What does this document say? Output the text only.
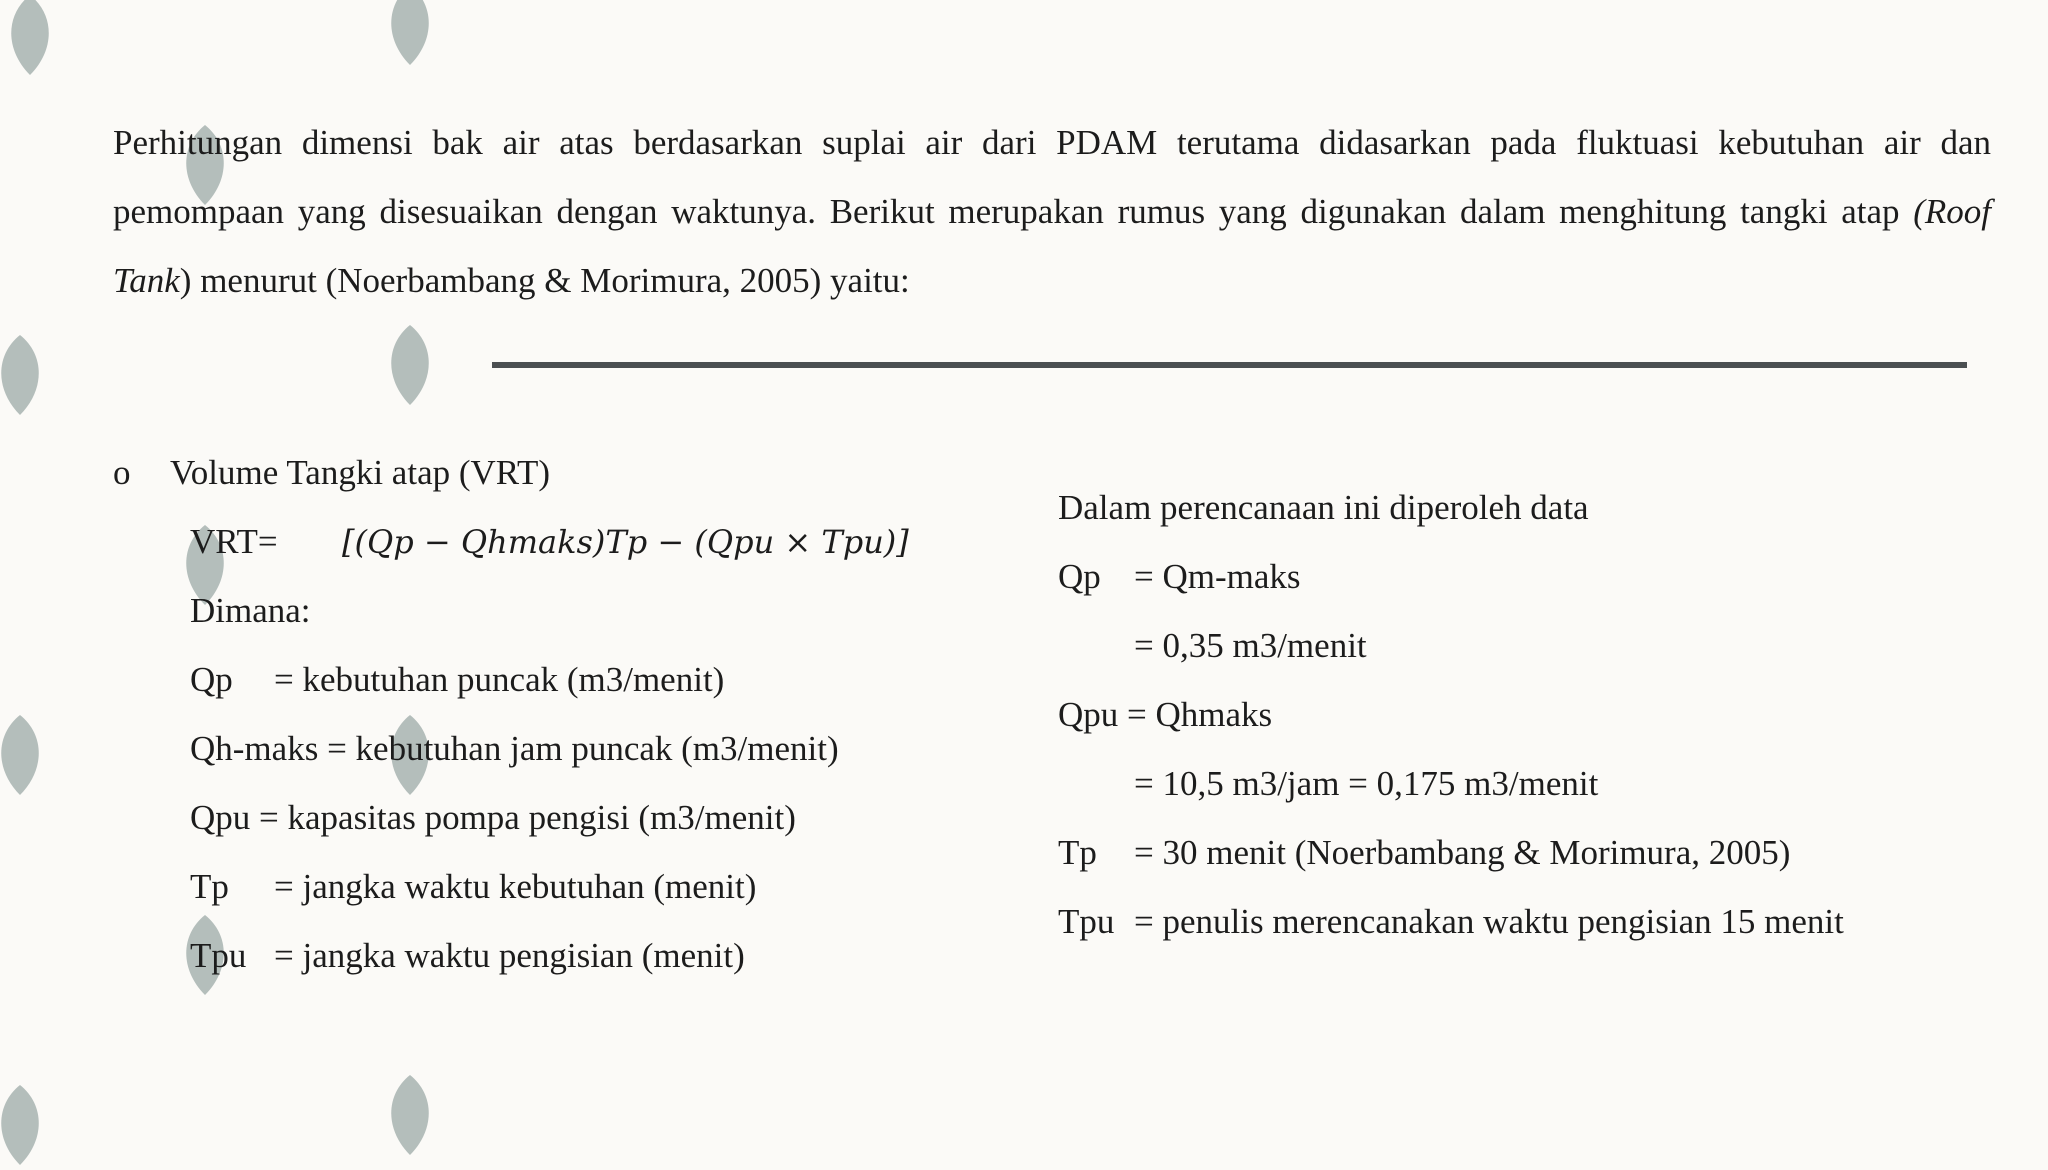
Perhitungan dimensi bak air atas berdasarkan suplai air dari PDAM terutama didasarkan pada fluktuasi kebutuhan air dan pemompaan yang disesuaikan dengan waktunya. Berikut merupakan rumus yang digunakan dalam menghitung tangki atap (Roof Tank) menurut (Noerbambang & Morimura, 2005) yaitu:
o Volume Tangki atap (VRT)
VRT= [(Qp − Qhmaks)Tp − (Qpu × Tpu)]
Dimana:
Qp = kebutuhan puncak (m3/menit)
Qh-maks = kebutuhan jam puncak (m3/menit)
Qpu = kapasitas pompa pengisi (m3/menit)
Tp = jangka waktu kebutuhan (menit)
Tpu = jangka waktu pengisian (menit)
Dalam perencanaan ini diperoleh data
Qp = Qm-maks
= 0,35 m3/menit
Qpu = Qhmaks
= 10,5 m3/jam = 0,175 m3/menit
Tp = 30 menit (Noerbambang & Morimura, 2005)
Tpu = penulis merencanakan waktu pengisian 15 menit
